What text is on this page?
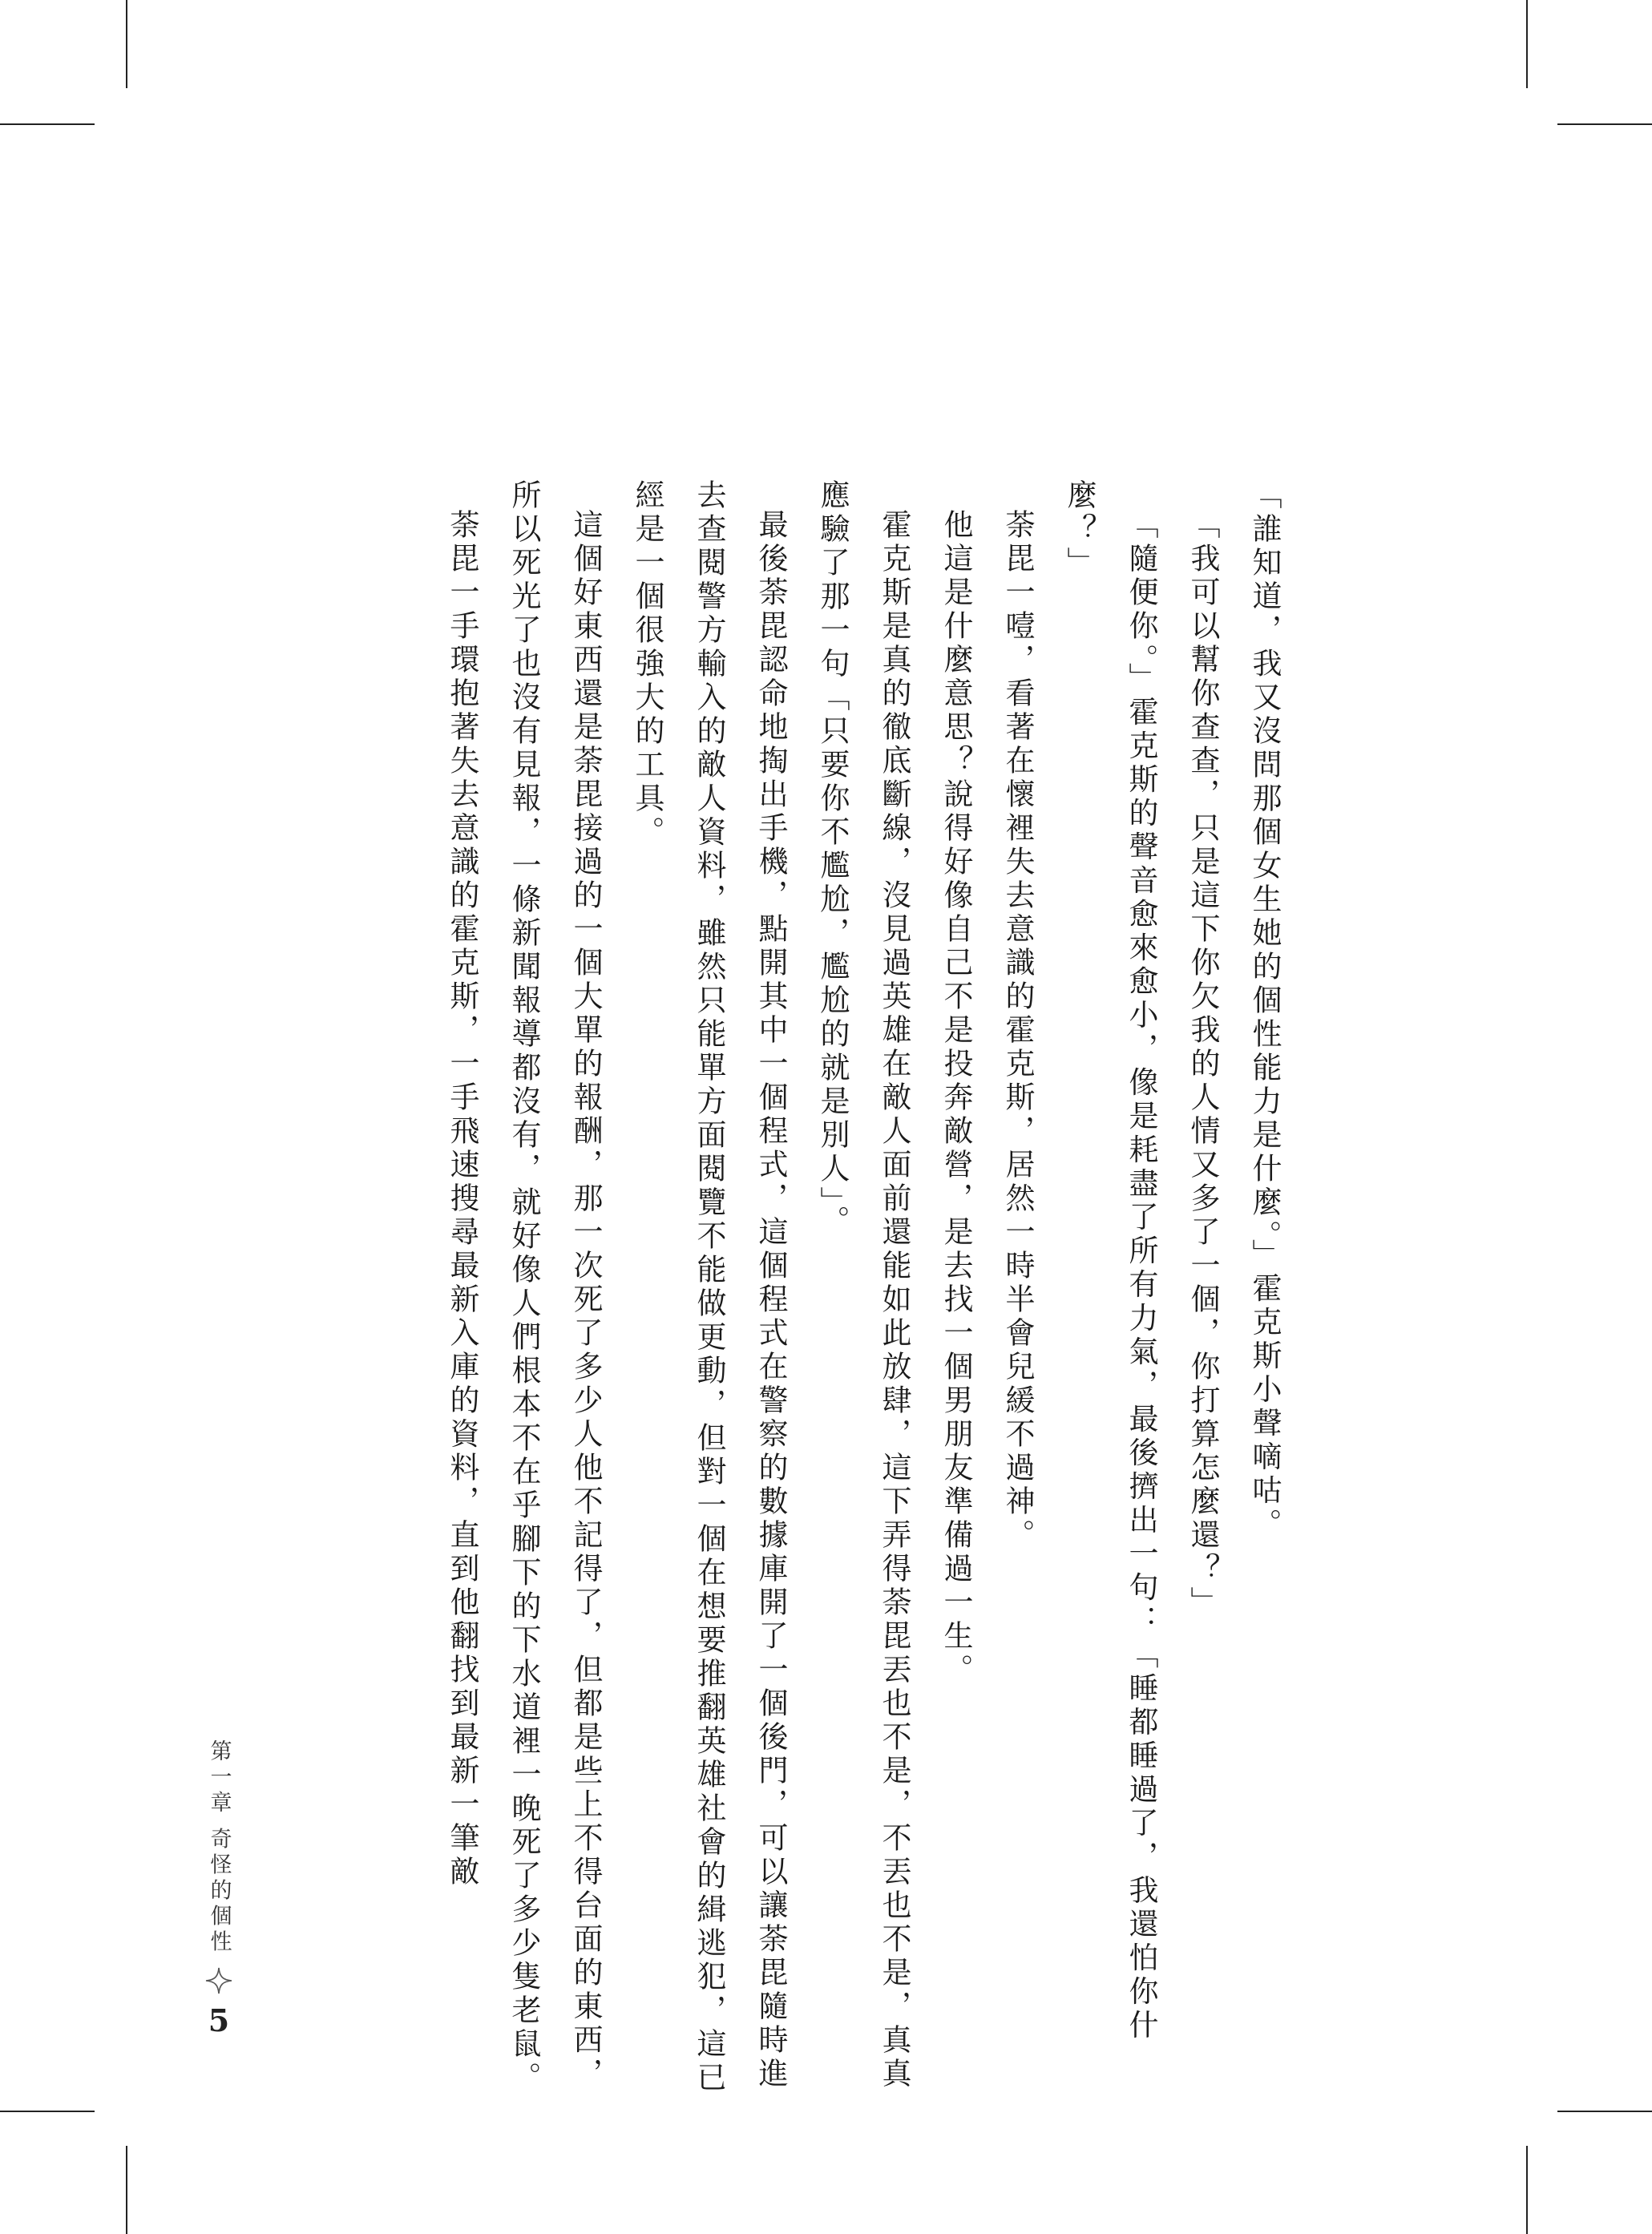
「誰知道，我又沒問那個女生她的個性能力是什麼。」霍克斯小聲嘀咕。

「我可以幫你查查，只是這下你欠我的人情又多了一個，你打算怎麼還？」

「隨便你。」霍克斯的聲音愈來愈小，像是耗盡了所有力氣，最後擠出一句：「睡都睡過了，我還怕你什麼？」

荼毘一噎，看著在懷裡失去意識的霍克斯，居然一時半會兒緩不過神。

他這是什麼意思？說得好像自己不是投奔敵營，是去找一個男朋友準備過一生。

霍克斯是真的徹底斷線，沒見過英雄在敵人面前還能如此放肆，這下弄得荼毘丟也不是，不丟也不是，真真應驗了那一句「只要你不尷尬，尷尬的就是別人」。

最後荼毘認命地掏出手機，點開其中一個程式，這個程式在警察的數據庫開了一個後門，可以讓荼毘隨時進去查閱警方輸入的敵人資料，雖然只能單方面閱覽不能做更動，但對一個在想要推翻英雄社會的緝逃犯，這已經是一個很強大的工具。

這個好東西還是荼毘接過的一個大單的報酬，那一次死了多少人他不記得了，但都是些上不得台面的東西，所以死光了也沒有見報，一條新聞報導都沒有，就好像人們根本不在乎腳下的下水道裡一晚死了多少隻老鼠。

荼毘一手環抱著失去意識的霍克斯，一手飛速搜尋最新入庫的資料，直到他翻找到最新一筆敵

第一章 奇怪的個性
5
